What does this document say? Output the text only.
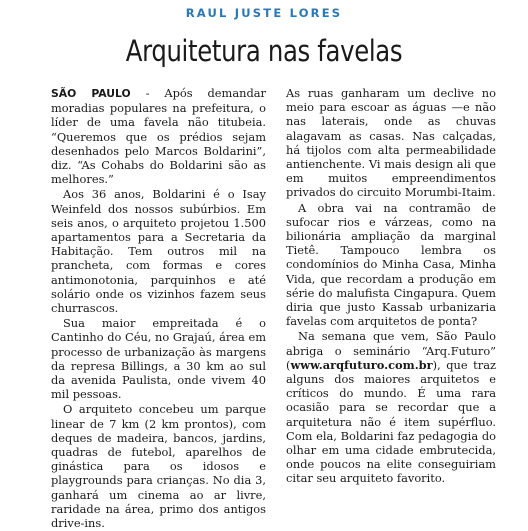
RAUL JUSTE LORES
Arquitetura nas favelas

SÃO PAULO - Após demandar moradias populares na prefeitura, o líder de uma favela não titubeia. “Queremos que os prédios sejam desenhados pelo Marcos Boldarini”, diz. “As Cohabs do Boldarini são as melhores.”

Aos 36 anos, Boldarini é o Isay Weinfeld dos nossos subúrbios. Em seis anos, o arquiteto projetou 1.500 apartamentos para a Secretaria da Habitação. Tem outros mil na prancheta, com formas e cores antimonotonia, parquinhos e até solário onde os vizinhos fazem seus churrascos.

Sua maior empreitada é o Cantinho do Céu, no Grajaú, área em processo de urbanização às margens da represa Billings, a 30 km ao sul da avenida Paulista, onde vivem 40 mil pessoas.

O arquiteto concebeu um parque linear de 7 km (2 km prontos), com deques de madeira, bancos, jardins, quadras de futebol, aparelhos de ginástica para os idosos e playgrounds para crianças. No dia 3, ganhará um cinema ao ar livre, raridade na área, primo dos antigos drive-ins.

As ruas ganharam um declive no meio para escoar as águas —e não nas laterais, onde as chuvas alagavam as casas. Nas calçadas, há tijolos com alta permeabilidade antienchente. Vi mais design ali que em muitos empreendimentos privados do circuito Morumbi-Itaim.

A obra vai na contramão de sufocar rios e várzeas, como na bilionária ampliação da marginal Tietê. Tampouco lembra os condomínios do Minha Casa, Minha Vida, que recordam a produção em série do malufista Cingapura. Quem diria que justo Kassab urbanizaria favelas com arquitetos de ponta?

Na semana que vem, São Paulo abriga o seminário “Arq.Futuro” (www.arqfuturo.com.br), que traz alguns dos maiores arquitetos e críticos do mundo. É uma rara ocasião para se recordar que a arquitetura não é item supérfluo. Com ela, Boldarini faz pedagogia do olhar em uma cidade embrutecida, onde poucos na elite conseguiriam citar seu arquiteto favorito.
